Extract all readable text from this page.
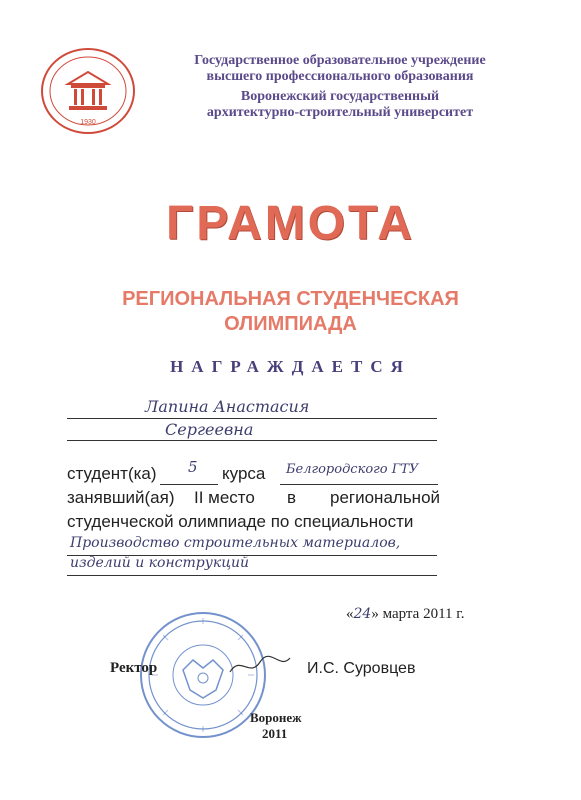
1930
Государственное образовательное учреждение
высшего профессионального образования
Воронежский государственный
архитектурно-строительный университет
ГРАМОТА
РЕГИОНАЛЬНАЯ СТУДЕНЧЕСКАЯ
ОЛИМПИАДА
НАГРАЖДАЕТСЯ
Лапина Анастасия
Сергеевна
студент(ка) 5 курса Белгородского ГТУ
занявший(ая) II место в региональной
студенческой олимпиаде по специальности
Производство строительных материалов,
изделий и конструкций
«24» марта 2011 г.
Ректор	И.С. Суровцев
Воронеж
2011
